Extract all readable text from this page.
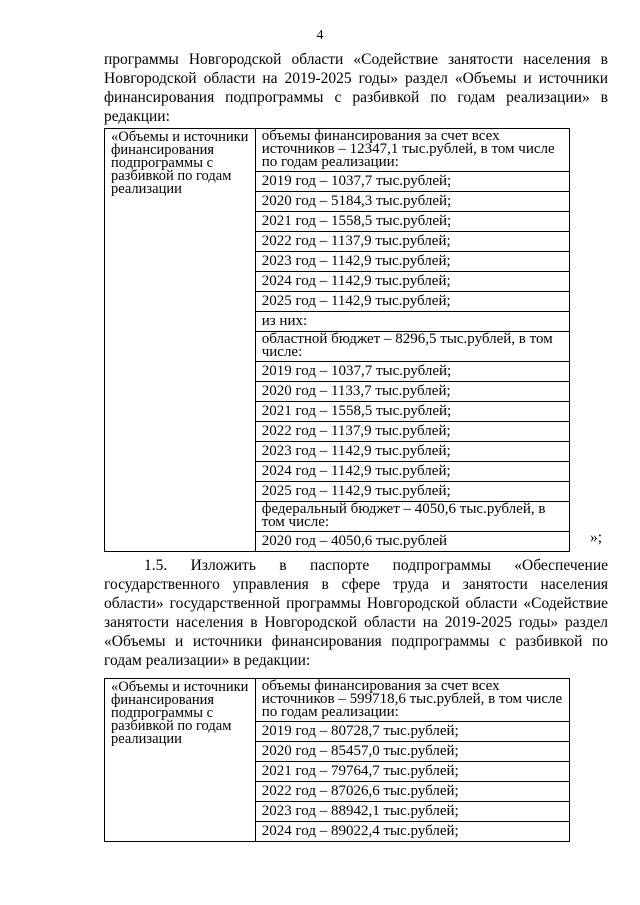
4
программы Новгородской области «Содействие занятости населения в Новгородской области на 2019-2025 годы» раздел «Объемы и источники финансирования подпрограммы с разбивкой по годам реализации» в редакции:
«Объемы и источники финансирования подпрограммы с разбивкой по годам реализации	
объемы финансирования за счет всех источников – 12347,1 тыс.рублей, в том числе по годам реализации:
2019 год – 1037,7 тыс.рублей;
2020 год – 5184,3 тыс.рублей;
2021 год – 1558,5 тыс.рублей;
2022 год – 1137,9 тыс.рублей;
2023 год – 1142,9 тыс.рублей;
2024 год – 1142,9 тыс.рублей;
2025 год – 1142,9 тыс.рублей;
из них:
областной бюджет – 8296,5 тыс.рублей, в том числе:
2019 год – 1037,7 тыс.рублей;
2020 год – 1133,7 тыс.рублей;
2021 год – 1558,5 тыс.рублей;
2022 год – 1137,9 тыс.рублей;
2023 год – 1142,9 тыс.рублей;
2024 год – 1142,9 тыс.рублей;
2025 год – 1142,9 тыс.рублей;
федеральный бюджет – 4050,6 тыс.рублей, в том числе:
2020 год – 4050,6 тыс.рублей	»;
1.5. Изложить в паспорте подпрограммы «Обеспечение государственного управления в сфере труда и занятости населения области» государственной программы Новгородской области «Содействие занятости населения в Новгородской области на 2019-2025 годы» раздел «Объемы и источники финансирования подпрограммы с разбивкой по годам реализации» в редакции:
«Объемы и источники финансирования подпрограммы с разбивкой по годам реализации	
объемы финансирования за счет всех источников – 599718,6 тыс.рублей, в том числе по годам реализации:
2019 год – 80728,7 тыс.рублей;
2020 год – 85457,0 тыс.рублей;
2021 год – 79764,7 тыс.рублей;
2022 год – 87026,6 тыс.рублей;
2023 год – 88942,1 тыс.рублей;
2024 год – 89022,4 тыс.рублей;
